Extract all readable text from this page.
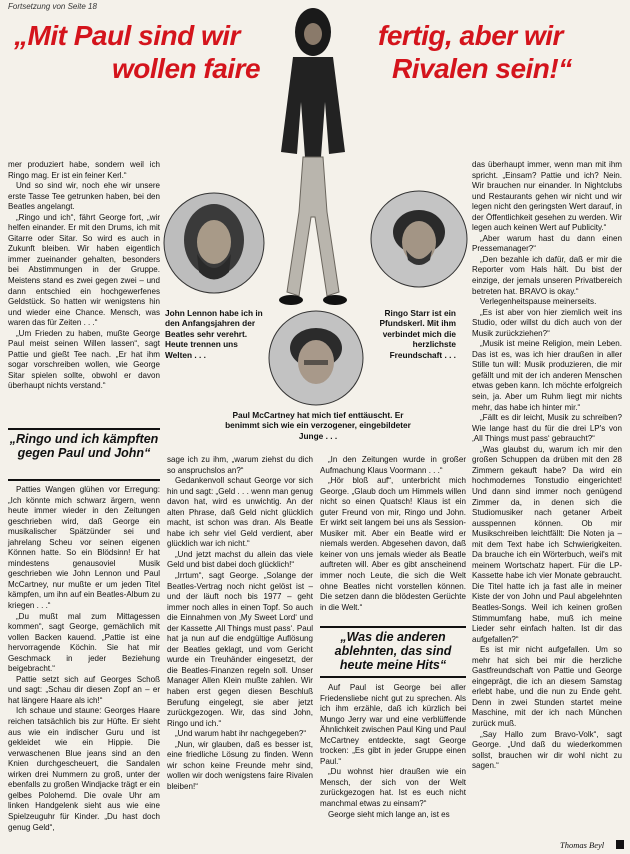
Fortsetzung von Seite 18
„Mit Paul sind wir	fertig, aber wir
wollen faire	Rivalen sein!“
John Lennon habe ich in den Anfangsjahren der Beatles sehr verehrt. Heute trennen uns Welten . . .
Ringo Starr ist ein Pfundskerl. Mit ihm verbindet mich die herzlichste Freundschaft . . .
Paul McCartney hat mich tief enttäuscht. Er benimmt sich wie ein verzogener, eingebildeter Junge . . .

mer produziert habe, sondern weil ich Ringo mag. Er ist ein feiner Kerl.“

Und so sind wir, noch ehe wir unsere erste Tasse Tee getrunken haben, bei den Beatles angelangt.

„Ringo und ich“, fährt George fort, „wir helfen einander. Er mit den Drums, ich mit Gitarre oder Sitar. So wird es auch in Zukunft bleiben. Wir haben eigentlich immer zueinander gehalten, besonders bei Abstimmungen in der Gruppe. Meistens stand es zwei gegen zwei – und dann entschied ein hochgewerfenes Geldstück. So hatten wir wenigstens hin und wieder eine Chance. Mensch, was waren das für Zeiten . . .“

„Um Frieden zu haben, mußte George Paul meist seinen Willen lassen“, sagt Pattie und gießt Tee nach. „Er hat ihm sogar vorschreiben wollen, wie George Sitar spielen sollte, obwohl er davon überhaupt nichts verstand.“

„Ringo und ich kämpften gegen Paul und John“

Patties Wangen glühen vor Erregung: „Ich könnte mich schwarz ärgern, wenn heute immer wieder in den Zeitungen geschrieben wird, daß George ein musikalischer Spätzünder sei und jahrelang Scheu vor seinen eigenen Können hatte. So ein Blödsinn! Er hat mindestens genausoviel Musik geschrieben wie John Lennon und Paul McCartney, nur mußte er um jeden Titel kämpfen, um ihn auf ein Beatles-Album zu kriegen . . .“

„Du mußt mal zum Mittagessen kommen“, sagt George, gemächlich mit vollen Backen kauend. „Pattie ist eine hervorragende Köchin. Sie hat mir Geschmack in jeder Beziehung beigebracht.“

Pattie setzt sich auf Georges Schoß und sagt: „Schau dir diesen Zopf an – er hat längere Haare als ich!“

Ich schaue und staune: Georges Haare reichen tatsächlich bis zur Hüfte. Er sieht aus wie ein indischer Guru und ist gekleidet wie ein Hippie. Die verwaschenen Blue jeans sind an den Knien durchgescheuert, die Sandalen wirken drei Nummern zu groß, unter der ebenfalls zu großen Windjacke trägt er ein gelbes Polohemd. Die ovale Uhr am linken Handgelenk sieht aus wie eine Spielzeuguhr für Kinder. „Du hast doch genug Geld“,

sage ich zu ihm, „warum ziehst du dich so anspruchslos an?“

Gedankenvoll schaut George vor sich hin und sagt: „Geld . . . wenn man genug davon hat, wird es unwichtig. An der alten Phrase, daß Geld nicht glücklich macht, ist schon was dran. Als Beatle habe ich sehr viel Geld verdient, aber glücklich war ich nicht.“

„Und jetzt machst du allein das viele Geld und bist dabei doch glücklich!“

„Irrtum“, sagt George. „Solange der Beatles-Vertrag noch nicht gelöst ist – und der läuft noch bis 1977 – geht immer noch alles in einen Topf. So auch die Einnahmen von ‚My Sweet Lord‘ und der Kassette ‚All Things must pass‘. Paul hat ja nun auf die endgültige Auflösung der Beatles geklagt, und vom Gericht wurde ein Treuhänder eingesetzt, der die Beatles-Finanzen regeln soll. Unser Manager Allen Klein mußte zahlen. Wir haben erst gegen diesen Beschluß Berufung eingelegt, sie aber jetzt zurückgezogen. Wir, das sind John, Ringo und ich.“

„Und warum habt ihr nachgegeben?“

„Nun, wir glauben, daß es besser ist, eine friedliche Lösung zu finden. Wenn wir schon keine Freunde mehr sind, wollen wir doch wenigstens faire Rivalen bleiben!“

„In den Zeitungen wurde in großer Aufmachung Klaus Voormann . . .“

„Hör bloß auf“, unterbricht mich George. „Glaub doch um Himmels willen nicht so einen Quatsch! Klaus ist ein guter Freund von mir, Ringo und John. Er wirkt seit langem bei uns als Session-Musiker mit. Aber ein Beatle wird er niemals werden. Abgesehen davon, daß keiner von uns jemals wieder als Beatle auftreten will. Aber es gibt anscheinend immer noch Leute, die sich die Welt ohne Beatles nicht vorstellen können. Die setzen dann die blödesten Gerüchte in die Welt.“

„Was die anderen ablehnten, das sind heute meine Hits“

Auf Paul ist George bei aller Friedensliebe nicht gut zu sprechen. Als ich ihm erzähle, daß ich kürzlich bei Mungo Jerry war und eine verblüffende Ähnlichkeit zwischen Paul King und Paul McCartney entdeckte, sagt George trocken: „Es gibt in jeder Gruppe einen Paul.“

„Du wohnst hier draußen wie ein Mensch, der sich von der Welt zurückgezogen hat. Ist es euch nicht manchmal etwas zu einsam?“

George sieht mich lange an, ist es

das überhaupt immer, wenn man mit ihm spricht. „Einsam? Pattie und ich? Nein. Wir brauchen nur einander. In Nightclubs und Restaurants gehen wir nicht und wir legen nicht den geringsten Wert darauf, in der Öffentlichkeit gesehen zu werden. Wir legen auch keinen Wert auf Publicity.“

„Aber warum hast du dann einen Pressemanager?“

„Den bezahle ich dafür, daß er mir die Reporter vom Hals hält. Du bist der einzige, der jemals unseren Privatbereich betreten hat. BRAVO is okay.“

Verlegenheitspause meinerseits.

„Es ist aber von hier ziemlich weit ins Studio, oder willst du dich auch von der Musik zurückziehen?“

„Musik ist meine Religion, mein Leben. Das ist es, was ich hier draußen in aller Stille tun will: Musik produzieren, die mir gefällt und mit der ich anderen Menschen etwas geben kann. Ich möchte erfolgreich sein, ja. Aber um Ruhm liegt mir nichts mehr, das habe ich hinter mir.“

„Fällt es dir leicht, Musik zu schreiben? Wie lange hast du für die drei LP's von ‚All Things must pass‘ gebraucht?“

„Was glaubst du, warum ich mir den großen Schuppen da drüben mit den 28 Zimmern gekauft habe? Da wird ein hochmodernes Tonstudio eingerichtet! Und dann sind immer noch genügend Zimmer da, in denen sich die Studiomusiker nach getaner Arbeit ausspennen können. Ob mir Musikschreiben leichtfällt: Die Noten ja – mit dem Text habe ich Schwierigkeiten. Da brauche ich ein Wörterbuch, weil's mit meinem Wortschatz hapert. Für die LP-Kassette habe ich vier Monate gebraucht. Die Titel hatte ich ja fast alle in meiner Kiste der von John und Paul abgelehnten Beatles-Songs. Weil ich keinen großen Stimmumfang habe, muß ich meine Lieder sehr einfach halten. Ist dir das aufgefallen?“

Es ist mir nicht aufgefallen. Um so mehr hat sich bei mir die herzliche Gastfreundschaft von Pattie und George eingeprägt, die ich an diesem Samstag erlebt habe, und die nun zu Ende geht. Denn in zwei Stunden startet meine Maschine, mit der ich nach München zurück muß.

„Say Hallo zum Bravo-Volk“, sagt George. „Und daß du wiederkommen sollst, brauchen wir dir wohl nicht zu sagen.“

Thomas Beyl
